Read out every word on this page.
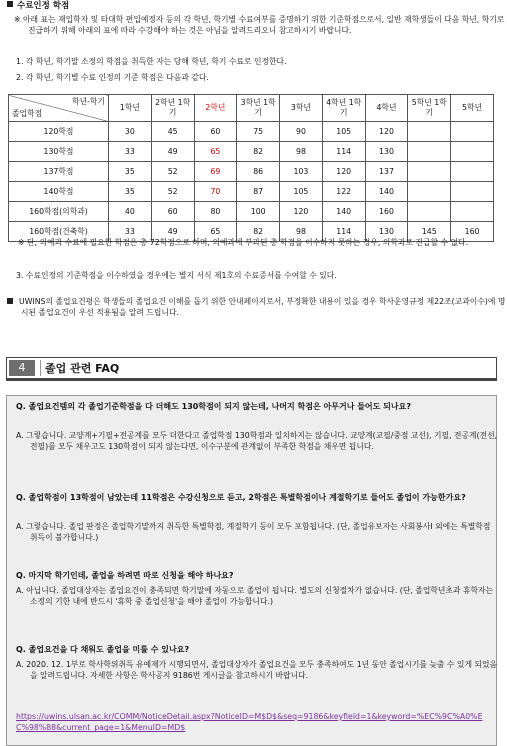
수료인정 학점
※ 아래 표는 재입학자 및 타대학 편입예정자 등의 각 학년, 학기별 수료여부를 증명하기 위한 기준학점으로서, 일반 재학생들이 다음 학년, 학기로 진급하기 위해 아래의 표에 따라 수강해야 하는 것은 아님을 알려드리오니 참고하시기 바랍니다.
1. 각 학년, 학기말 소정의 학점을 취득한 자는 당해 학년, 학기 수료로 인정한다.
2. 각 학년, 학기별 수료 인정의 기준 학점은 다음과 같다.
학년-학기
졸업학점	1학년	2학년 1학기	2학년	3학년 1학기	3학년	4학년 1학기	4학년	5학년 1학기	5학년
120학점	30	45	60	75	90	105	120		
130학점	33	49	65	82	98	114	130		
137학점	35	52	69	86	103	120	137		
140학점	35	52	70	87	105	122	140		
160학점(의학과)	40	60	80	100	120	140	160		
160학점(건축학)	33	49	65	82	98	114	130	145	160
※ 단, 의예과 수료에 필요한 학점은 총 72학점으로 하며, 의예과에 부과된 총 학점을 이수하지 못하는 경우, 의학과로 진급할 수 없다.
3. 수료인정의 기준학점을 이수하였을 경우에는 별지 서식 제1호의 수료증서를 수여할 수 있다.
UWINS의 졸업요건평은 학생들의 졸업요건 이해를 돕기 위한 안내페이지로서, 부정확한 내용이 있을 경우 학사운영규정 제22조(교과이수)에 명시된 졸업요건이 우선 적용됨을 알려 드립니다.
4	졸업 관련 FAQ
Q. 졸업요건템의 각 졸업기준학점을 다 더해도 130학점이 되지 않는데, 나머지 학점은 아무거나 들어도 되나요?
A. 그렇습니다. 교양계+기필+전공계를 모두 더한다고 졸업학점 130학점과 일치하지는 않습니다. 교양계(교필/중점 교선), 기필, 전공계(전선,전필)를 모두 채우고도 130학점이 되지 않는다면, 이수구분에 관계없이 부족한 학점을 채우면 됩니다.
Q. 졸업학점이 13학점이 남았는데 11학점은 수강신청으로 듣고, 2학점은 특별학점이나 계절학기로 들어도 졸업이 가능한가요?
A. 그렇습니다. 졸업 판정은 졸업학기말까지 취득한 특별학점, 계절학기 등이 모두 포함됩니다. (단, 졸업유보자는 사회봉사Ⅰ 외에는 특별학점 취득이 불가합니다.)
Q. 마지막 학기인데, 졸업을 하려면 따로 신청을 해야 하나요?
A. 아닙니다. 졸업대상자는 졸업요건이 충족되면 학기말에 자동으로 졸업이 됩니다. 별도의 신청절차가 없습니다. (단, 졸업학년초과 휴학자는 소정의 기한 내에 반드시 '휴학 중 졸업신청'을 해야 졸업이 가능합니다.)
Q. 졸업요건을 다 채워도 졸업을 미룰 수 있나요?
A. 2020. 12. 1부로 학사학위취득 유예제가 시행되면서, 졸업대상자가 졸업요건을 모두 충족하여도 1년 동안 졸업시기를 늦출 수 있게 되었음을 알려드립니다. 자세한 사항은 학사공지 9186번 게시글을 참고하시기 바랍니다.
https://uwins.ulsan.ac.kr/COMM/NoticeDetail.aspx?NoticeID=M$D$&seq=9186&keyfield=1&keyword=%EC%9C%A0%EC%98%88&current_page=1&MenuID=MD$
